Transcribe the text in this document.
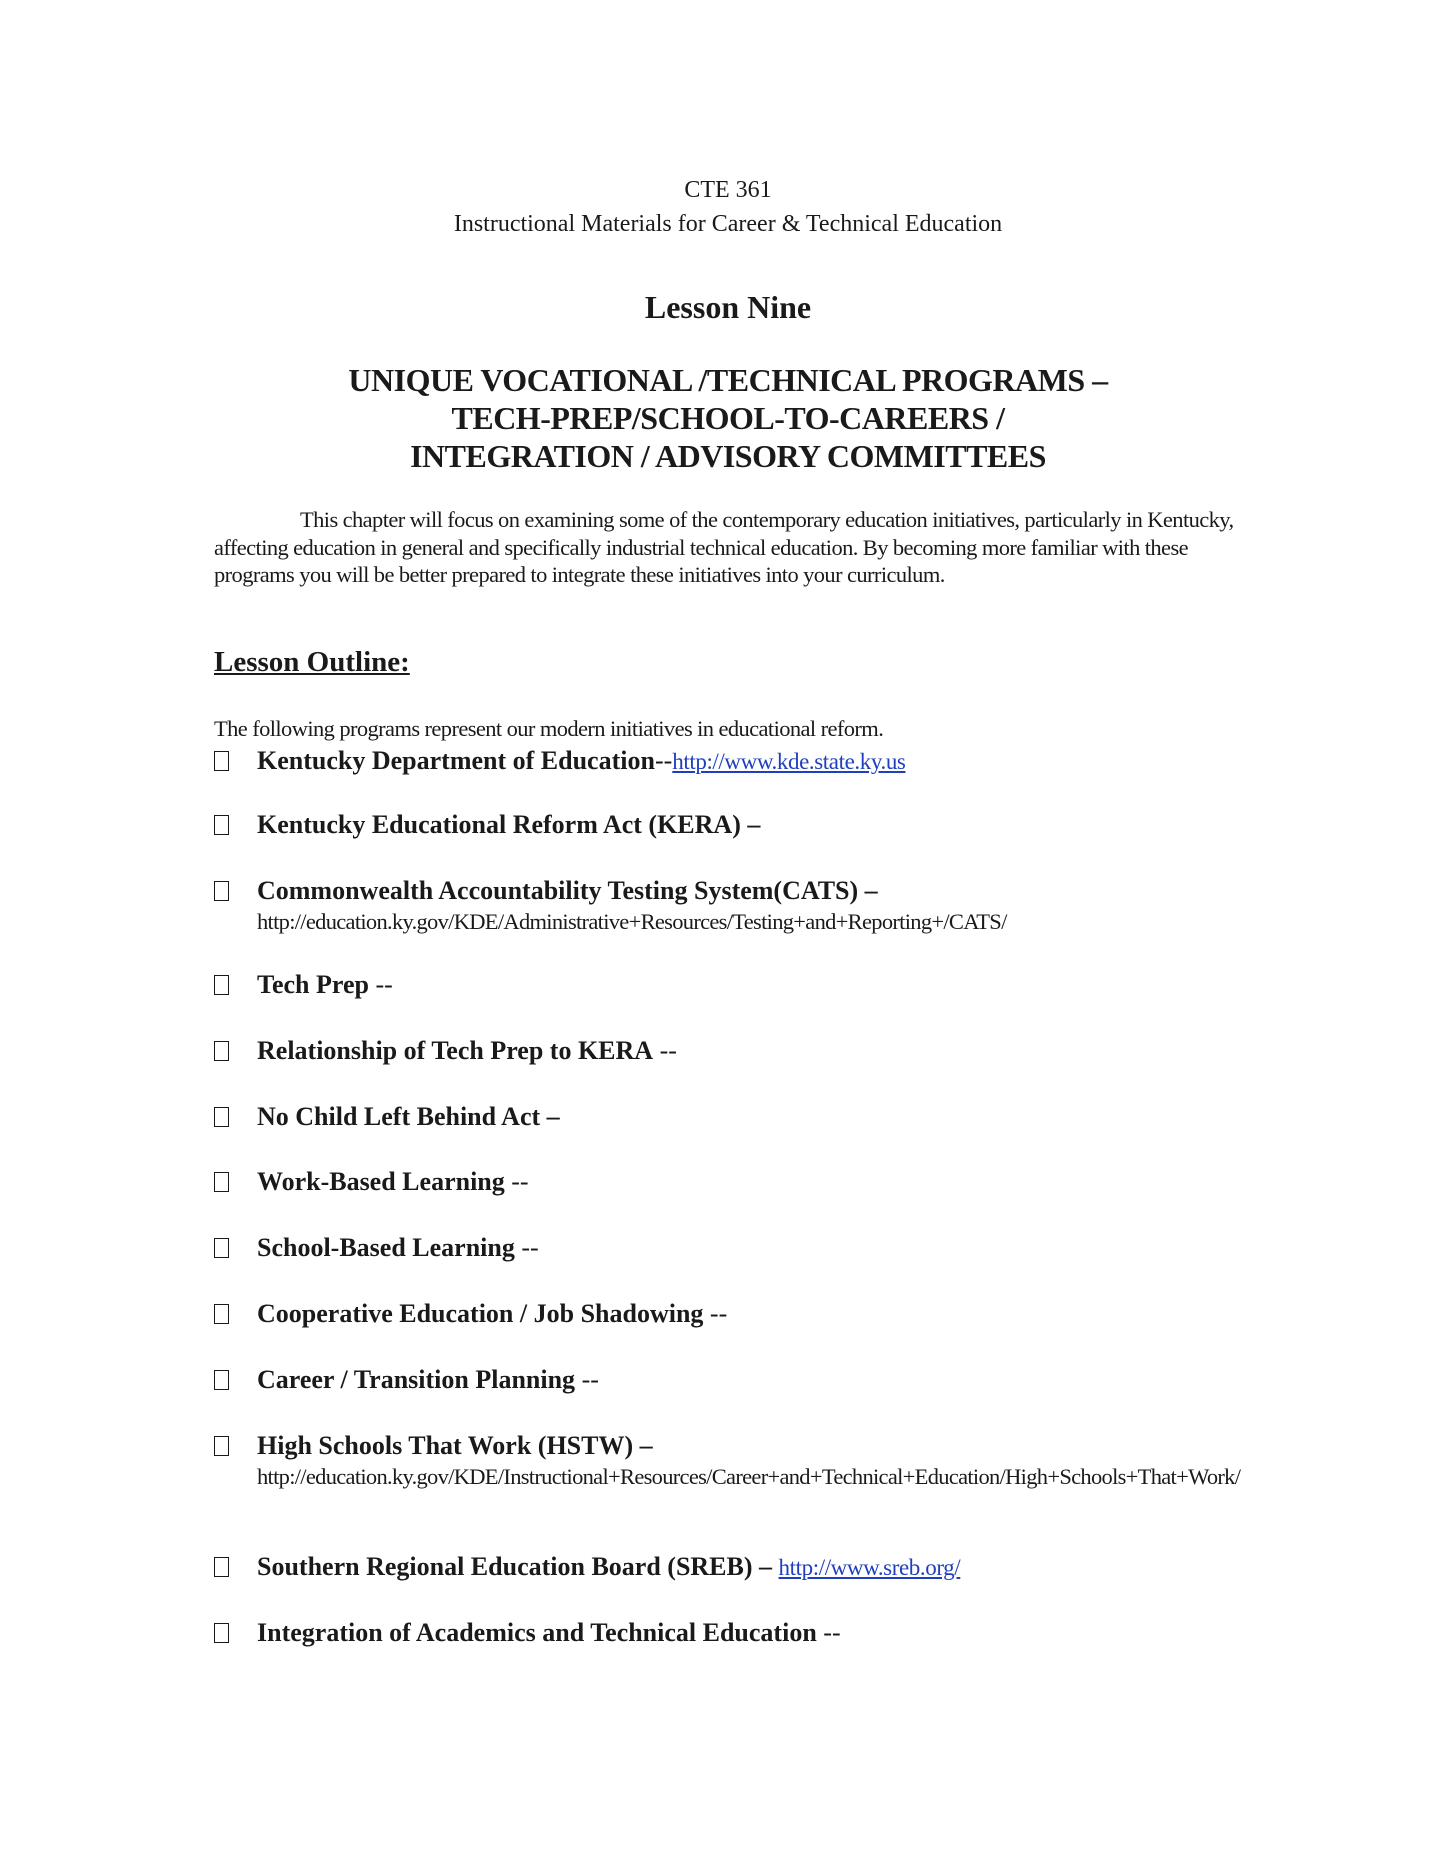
CTE 361
Instructional Materials for Career & Technical Education
Lesson Nine
UNIQUE VOCATIONAL /TECHNICAL PROGRAMS –
TECH-PREP/SCHOOL-TO-CAREERS /
INTEGRATION / ADVISORY COMMITTEES
This chapter will focus on examining some of the contemporary education initiatives, particularly in Kentucky, affecting education in general and specifically industrial technical education. By becoming more familiar with these programs you will be better prepared to integrate these initiatives into your curriculum.
Lesson Outline:
The following programs represent our modern initiatives in educational reform.
Kentucky Department of Education--http://www.kde.state.ky.us
Kentucky Educational Reform Act (KERA) –
Commonwealth Accountability Testing System(CATS) –
http://education.ky.gov/KDE/Administrative+Resources/Testing+and+Reporting+/CATS/
Tech Prep --
Relationship of Tech Prep to KERA --
No Child Left Behind Act –
Work-Based Learning --
School-Based Learning --
Cooperative Education / Job Shadowing --
Career / Transition Planning --
High Schools That Work (HSTW) –
http://education.ky.gov/KDE/Instructional+Resources/Career+and+Technical+Education/High+Schools+That+Work/
Southern Regional Education Board (SREB) – http://www.sreb.org/
Integration of Academics and Technical Education --
